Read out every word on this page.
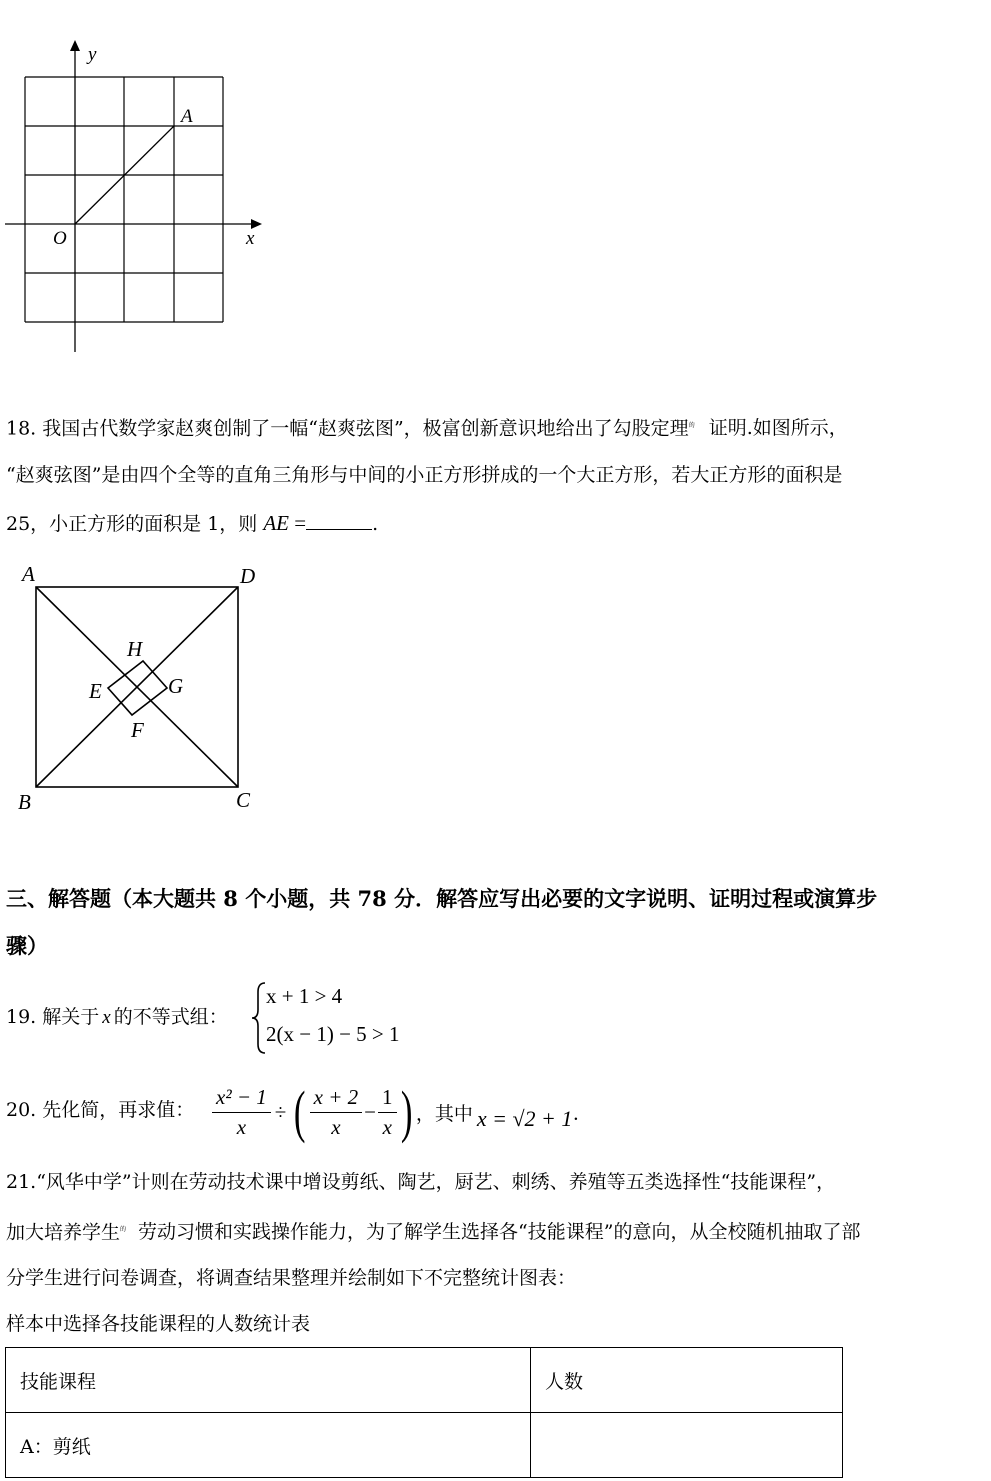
y
x
O
A
18. 我国古代数学家赵爽创制了一幅“赵爽弦图”，极富创新意识地给出了勾股定理$^的$ 证明.如图所示，
“赵爽弦图”是由四个全等的直角三角形与中间的小正方形拼成的一个大正方形，若大正方形的面积是
25，小正方形的面积是 1，则 AE =	.
A	D
B	C
H
E	G
F
三、解答题（本大题共 8 个小题，共 78 分．解答应写出必要的文字说明、证明过程或演算步
骤）
19. 解关于 x 的不等式组：
x + 1 > 4
2(x − 1) − 5 > 1
20. 先化简，再求值： $\frac{\text{x² − 1}}{x}$ ÷ ( $\frac{x + 2}{x} - \frac{1}{x}$ ) ，其中 x = √2 + 1 ·
21.“风华中学”计则在劳动技术课中增设剪纸、陶艺，厨艺、刺绣、养殖等五类选择性“技能课程”，
加大培养学生$^的$ 劳动习惯和实践操作能力，为了解学生选择各“技能课程”的意向，从全校随机抽取了部
分学生进行问卷调查，将调查结果整理并绘制如下不完整统计图表：
样本中选择各技能课程的人数统计表
技能课程	人数
A：剪纸	
